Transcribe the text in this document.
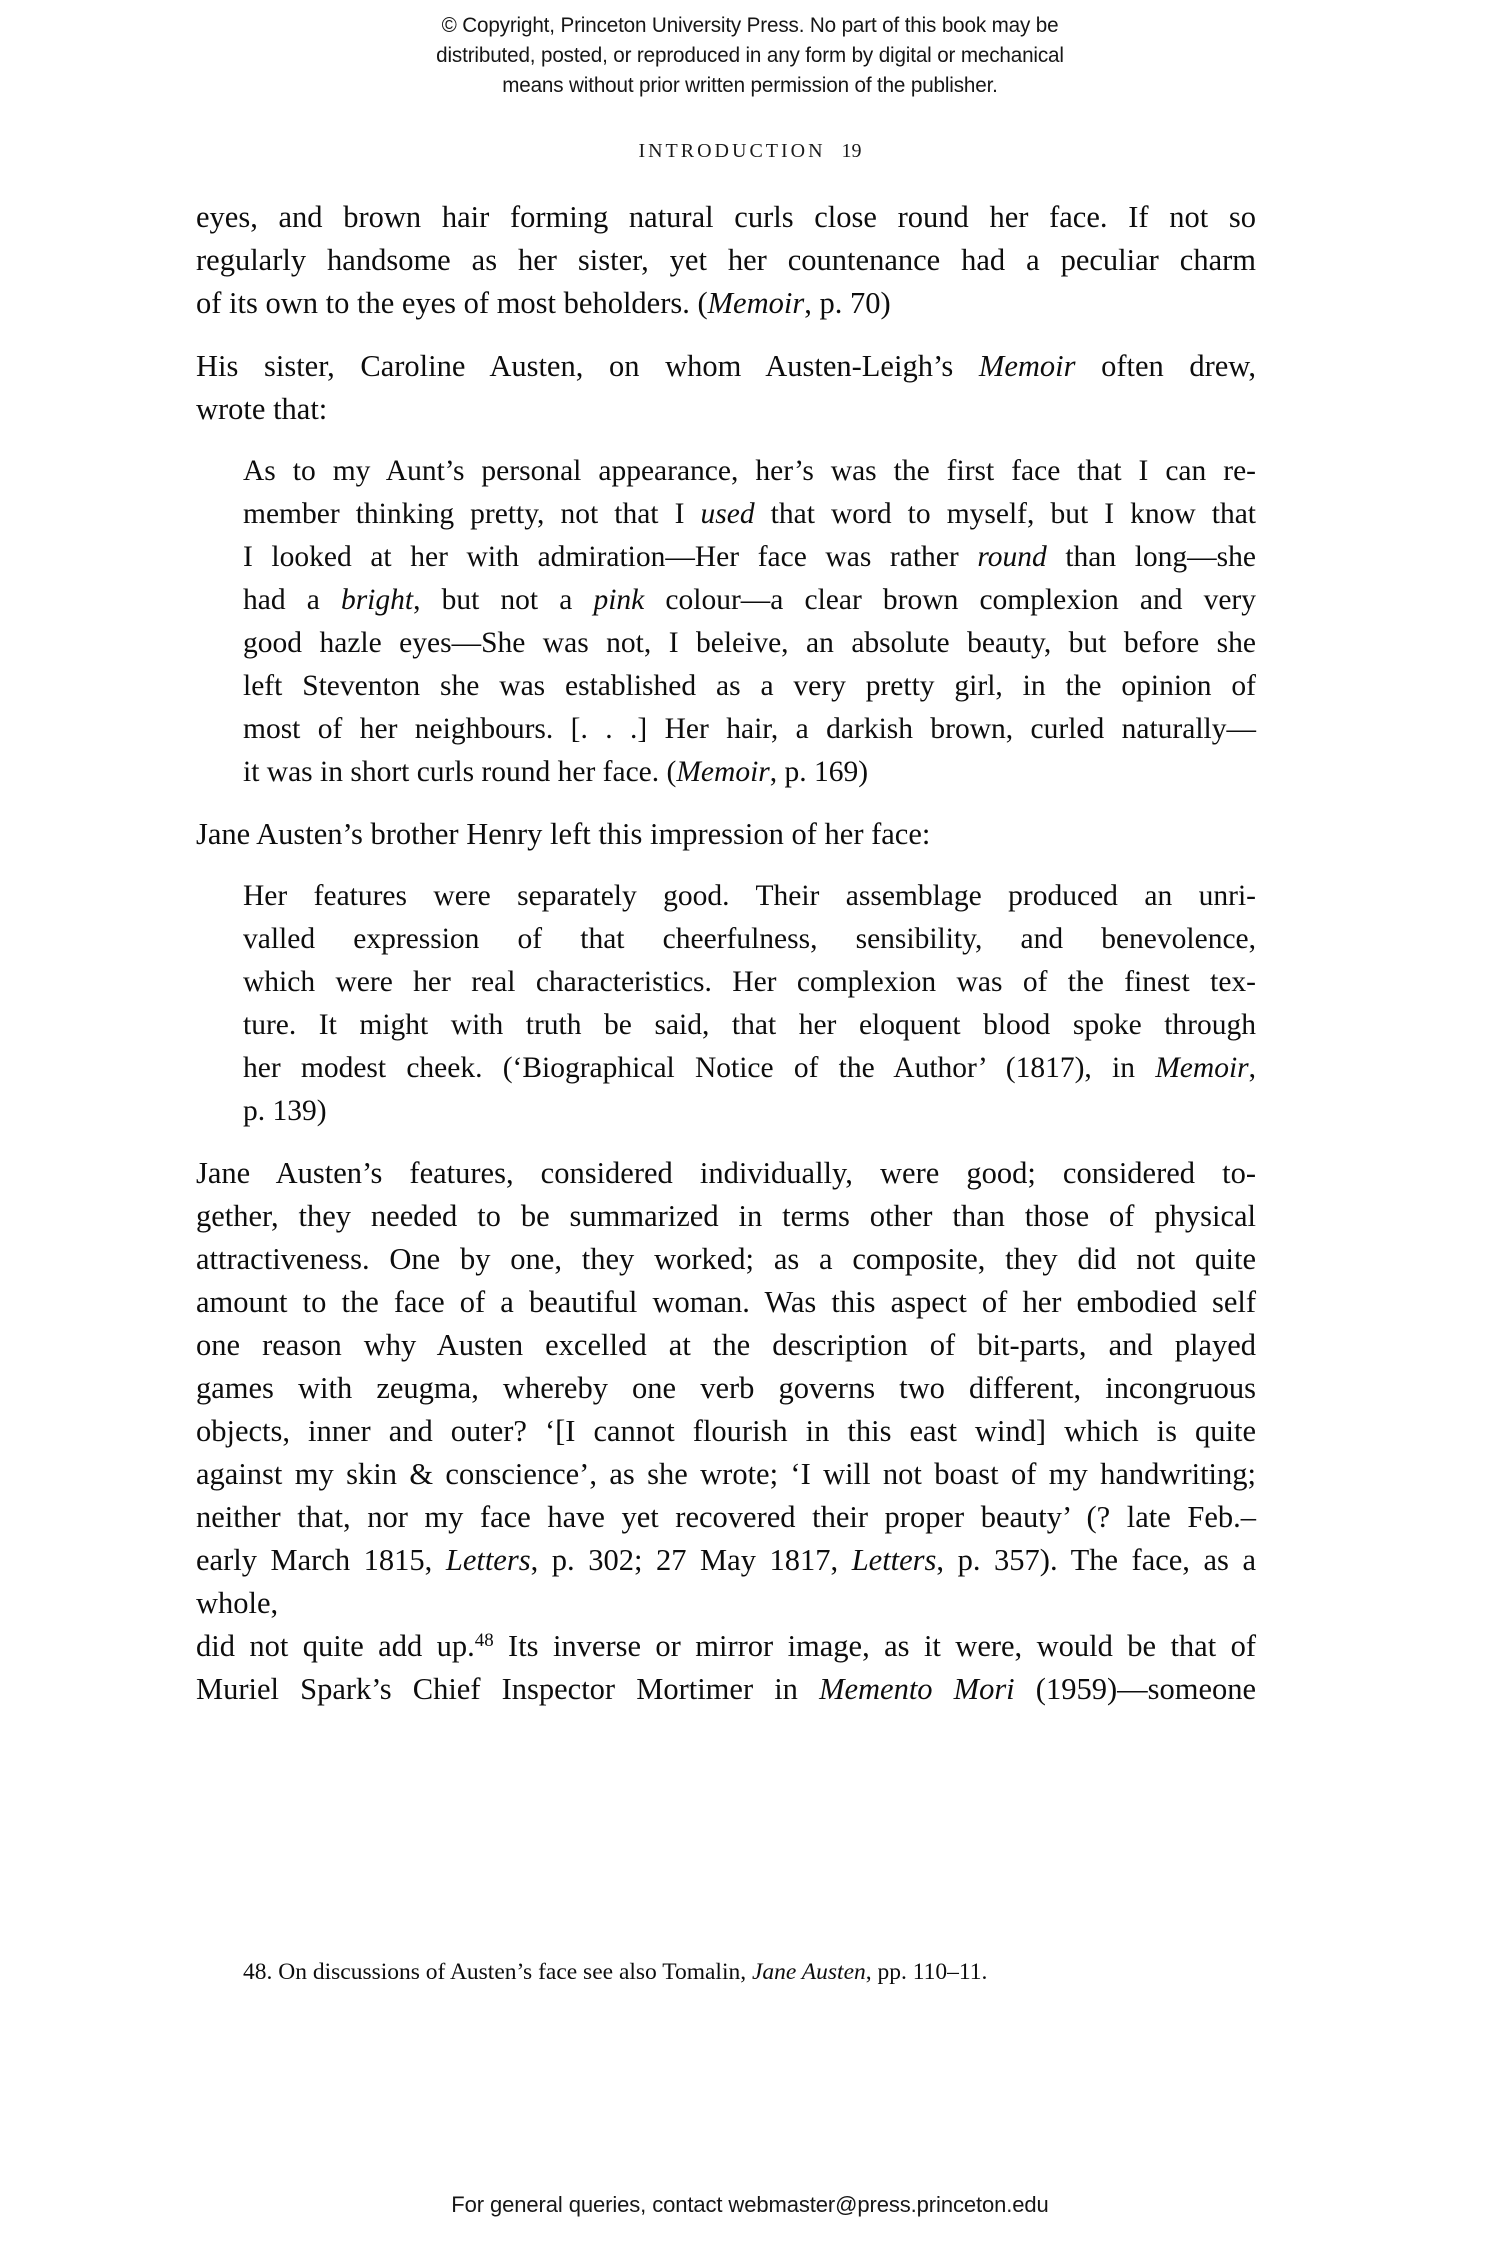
© Copyright, Princeton University Press. No part of this book may be
distributed, posted, or reproduced in any form by digital or mechanical
means without prior written permission of the publisher.
INTRODUCTION 19

eyes, and brown hair forming natural curls close round her face. If not so
regularly handsome as her sister, yet her countenance had a peculiar charm
of its own to the eyes of most beholders. (Memoir, p. 70)

His sister, Caroline Austen, on whom Austen-Leigh’s Memoir often drew,
wrote that:

As to my Aunt’s personal appearance, her’s was the first face that I can re-
member thinking pretty, not that I used that word to myself, but I know that
I looked at her with admiration—Her face was rather round than long—she
had a bright, but not a pink colour—a clear brown complexion and very
good hazle eyes—She was not, I beleive, an absolute beauty, but before she
left Steventon she was established as a very pretty girl, in the opinion of
most of her neighbours. [. . .] Her hair, a darkish brown, curled naturally—
it was in short curls round her face. (Memoir, p. 169)

Jane Austen’s brother Henry left this impression of her face:

Her features were separately good. Their assemblage produced an unri-
valled expression of that cheerfulness, sensibility, and benevolence,
which were her real characteristics. Her complexion was of the finest tex-
ture. It might with truth be said, that her eloquent blood spoke through
her modest cheek. (‘Biographical Notice of the Author’ (1817), in Memoir,
p. 139)

Jane Austen’s features, considered individually, were good; considered to-
gether, they needed to be summarized in terms other than those of physical
attractiveness. One by one, they worked; as a composite, they did not quite
amount to the face of a beautiful woman. Was this aspect of her embodied self
one reason why Austen excelled at the description of bit-parts, and played
games with zeugma, whereby one verb governs two different, incongruous
objects, inner and outer? ‘[I cannot flourish in this east wind] which is quite
against my skin & conscience’, as she wrote; ‘I will not boast of my handwriting;
neither that, nor my face have yet recovered their proper beauty’ (? late Feb.–
early March 1815, Letters, p. 302; 27 May 1817, Letters, p. 357). The face, as a whole,
did not quite add up.$^{48}$ Its inverse or mirror image, as it were, would be that of
Muriel Spark’s Chief Inspector Mortimer in Memento Mori (1959)—someone

48. On discussions of Austen’s face see also Tomalin, Jane Austen, pp. 110–11.
For general queries, contact webmaster@press.princeton.edu
